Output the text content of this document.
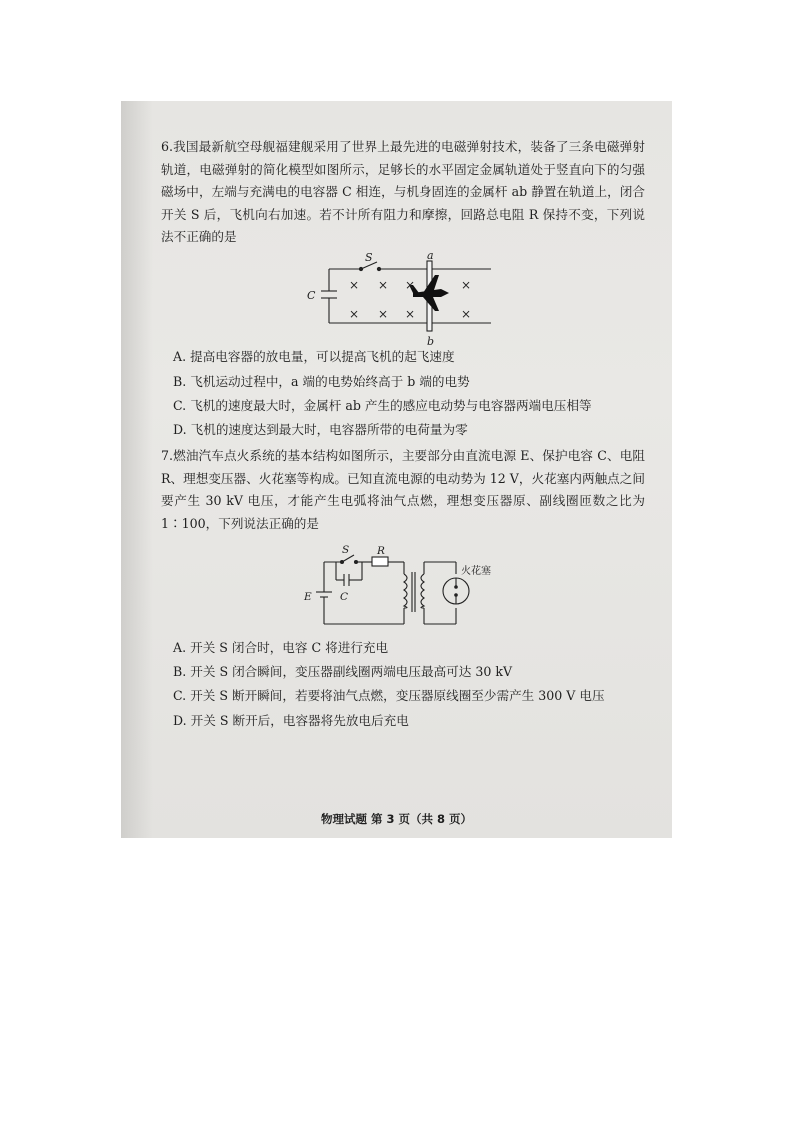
6.我国最新航空母舰福建舰采用了世界上最先进的电磁弹射技术，装备了三条电磁弹射轨道，电磁弹射的简化模型如图所示，足够长的水平固定金属轨道处于竖直向下的匀强磁场中，左端与充满电的电容器 C 相连，与机身固连的金属杆 ab 静置在轨道上，闭合开关 S 后，飞机向右加速。若不计所有阻力和摩擦，回路总电阻 R 保持不变，下列说法不正确的是
× × ×	×
× × ×	×
C
S	a
b
A. 提高电容器的放电量，可以提高飞机的起飞速度
B. 飞机运动过程中，a 端的电势始终高于 b 端的电势
C. 飞机的速度最大时，金属杆 ab 产生的感应电动势与电容器两端电压相等
D. 飞机的速度达到最大时，电容器所带的电荷量为零
7.燃油汽车点火系统的基本结构如图所示，主要部分由直流电源 E、保护电容 C、电阻 R、理想变压器、火花塞等构成。已知直流电源的电动势为 12 V，火花塞内两触点之间要产生 30 kV 电压，才能产生电弧将油气点燃，理想变压器原、副线圈匝数之比为 1∶100，下列说法正确的是
S	R
E	C
火花塞
A. 开关 S 闭合时，电容 C 将进行充电
B. 开关 S 闭合瞬间，变压器副线圈两端电压最高可达 30 kV
C. 开关 S 断开瞬间，若要将油气点燃，变压器原线圈至少需产生 300 V 电压
D. 开关 S 断开后，电容器将先放电后充电
物理试题 第 3 页（共 8 页）
